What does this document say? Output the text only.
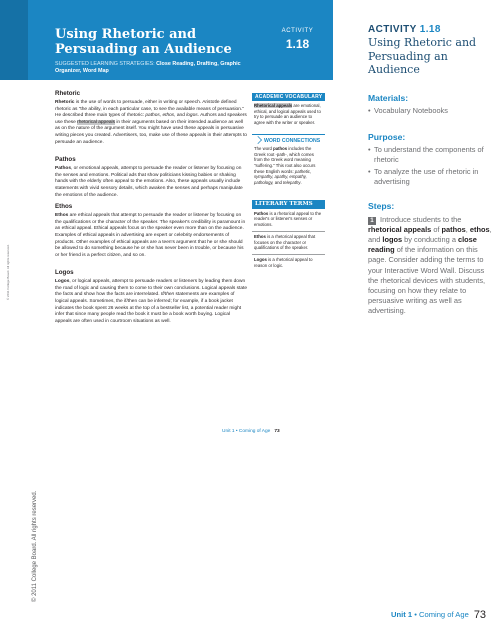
Using Rhetoric and Persuading an Audience
SUGGESTED LEARNING STRATEGIES: Close Reading, Drafting, Graphic Organizer, Word Map
ACTIVITY
1.18
Rhetoric
Rhetoric is the use of words to persuade, either in writing or speech. Aristotle defined rhetoric as "the ability, in each particular case, to see the available means of persuasion." He described three main types of rhetoric: pathos, ethos, and logos. Authors and speakers use these rhetorical appeals in their arguments based on their intended audience as well as on the nature of the argument itself. You might have used these appeals in persuasive writing pieces you created. Advertisers, too, make use of these appeals in their attempts to persuade an audience.
Pathos
Pathos, or emotional appeals, attempt to persuade the reader or listener by focusing on the senses and emotions. Political ads that show politicians kissing babies or shaking hands with the elderly often appeal to the emotions. Also, these appeals usually include statements with vivid sensory details, which awaken the senses and perhaps manipulate the emotions of the audience.
Ethos
Ethos are ethical appeals that attempt to persuade the reader or listener by focusing on the qualifications or the character of the speaker. The speaker's credibility is paramount in an ethical appeal. Ethical appeals focus on the speaker even more than on the audience. Examples of ethical appeals in advertising are expert or celebrity endorsements of products. Other examples of ethical appeals are a teen's argument that he or she should be allowed to do something because he or she has never been in trouble, or because his or her friend is a perfect citizen, and so on.
Logos
Logos, or logical appeals, attempt to persuade readers or listeners by leading them down the road of logic and causing them to come to their own conclusions. Logical appeals state the facts and show how the facts are interrelated. If/then statements are examples of logical appeals. Sometimes, the if/then can be inferred; for example, if a book jacket indicates the book spent 26 weeks at the top of a bestseller list, a potential reader might infer that since many people read the book it must be a book worth buying. Logical appeals are often used in courtroom situations as well.
ACADEMIC VOCABULARY
Rhetorical appeals are emotional, ethical, and logical appeals used to try to persuade an audience to agree with the writer or speaker.
WORD CONNECTIONS
The word pathos includes the Greek root -path-, which comes from the Greek word meaning "suffering." This root also occurs these English words: pathetic, sympathy, apathy, empathy, pathology, and telepathy.
LITERARY TERMS
Pathos is a rhetorical appeal to the reader's or listener's senses or emotions.
Ethos is a rhetorical appeal that focuses on the character or qualifications of the speaker.
Logos is a rhetorical appeal to reason or logic.
Unit 1 • Coming of Age 73
© 2011 College Board. All rights reserved.
ACTIVITY 1.18
Using Rhetoric and Persuading an Audience
Materials:
• Vocabulary Notebooks
Purpose:
• To understand the components of rhetoric
• To analyze the use of rhetoric in advertising
Steps:
1 Introduce students to the rhetorical appeals of pathos, ethos, and logos by conducting a close reading of the information on this page. Consider adding the terms to your Interactive Word Wall. Discuss the rhetorical devices with students, focusing on how they relate to persuasive writing as well as advertising.
Unit 1 • Coming of Age 73
© 2011 College Board. All rights reserved.
